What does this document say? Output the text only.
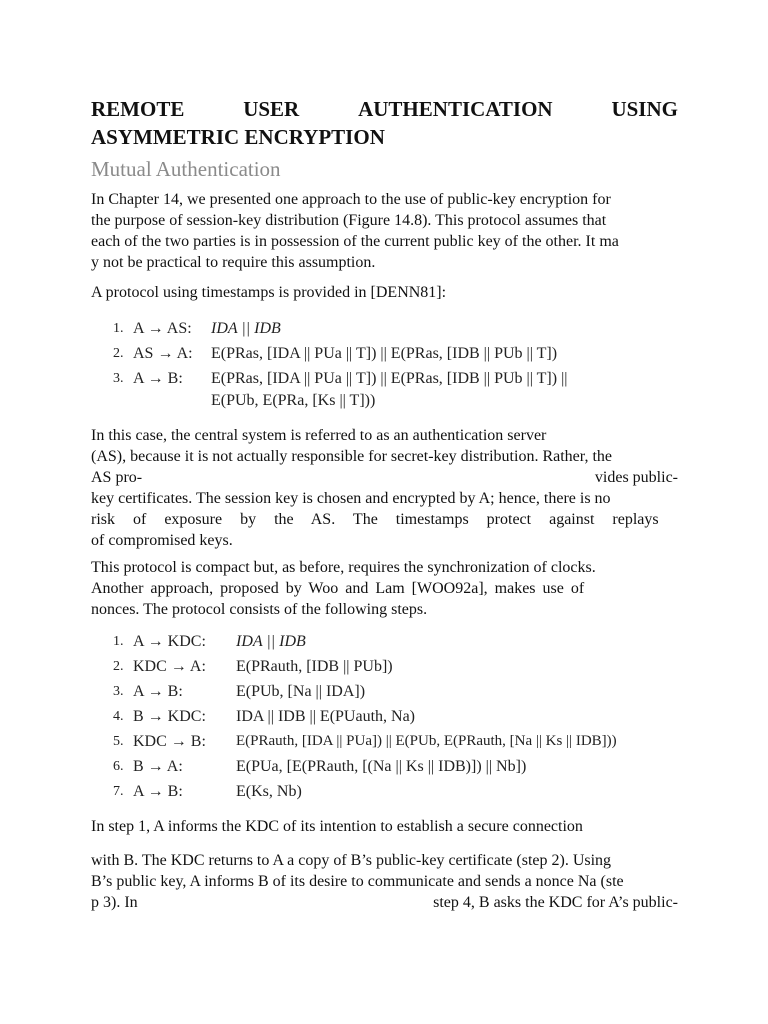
REMOTE	USER	AUTHENTICATION	USING
ASYMMETRIC ENCRYPTION
Mutual Authentication
In Chapter 14, we presented one approach to the use of public-key encryption for
the purpose of session-key distribution (Figure 14.8). This protocol assumes that
each of the two parties is in possession of the current public key of the other. It ma
y not be practical to require this assumption.
A protocol using timestamps is provided in [DENN81]:
1. A → AS:	IDA || IDB
2. AS → A:	E(PRas, [IDA || PUa || T]) || E(PRas, [IDB || PUb || T])
3. A → B:	E(PRas, [IDA || PUa || T]) || E(PRas, [IDB || PUb || T]) ||
E(PUb, E(PRa, [Ks || T]))
In this case, the central system is referred to as an authentication server
(AS), because it is not actually responsible for secret-key distribution. Rather, the
AS pro-	vides public-
key certificates. The session key is chosen and encrypted by A; hence, there is no
risk of exposure by the AS. The timestamps protect against replays
of compromised keys.
This protocol is compact but, as before, requires the synchronization of clocks.
Another approach, proposed by Woo and Lam [WOO92a], makes use of
nonces. The protocol consists of the following steps.
1. A → KDC:	IDA || IDB
2. KDC → A:	E(PRauth, [IDB || PUb])
3. A → B:	E(PUb, [Na || IDA])
4. B → KDC:	IDA || IDB || E(PUauth, Na)
5. KDC → B:	E(PRauth, [IDA || PUa]) || E(PUb, E(PRauth, [Na || Ks || IDB]))
6. B → A:	E(PUa, [E(PRauth, [(Na || Ks || IDB)]) || Nb])
7. A → B:	E(Ks, Nb)
In step 1, A informs the KDC of its intention to establish a secure connection
with B. The KDC returns to A a copy of B’s public-key certificate (step 2). Using
B’s public key, A informs B of its desire to communicate and sends a nonce Na (ste
p 3). In	step 4, B asks the KDC for A’s public-
